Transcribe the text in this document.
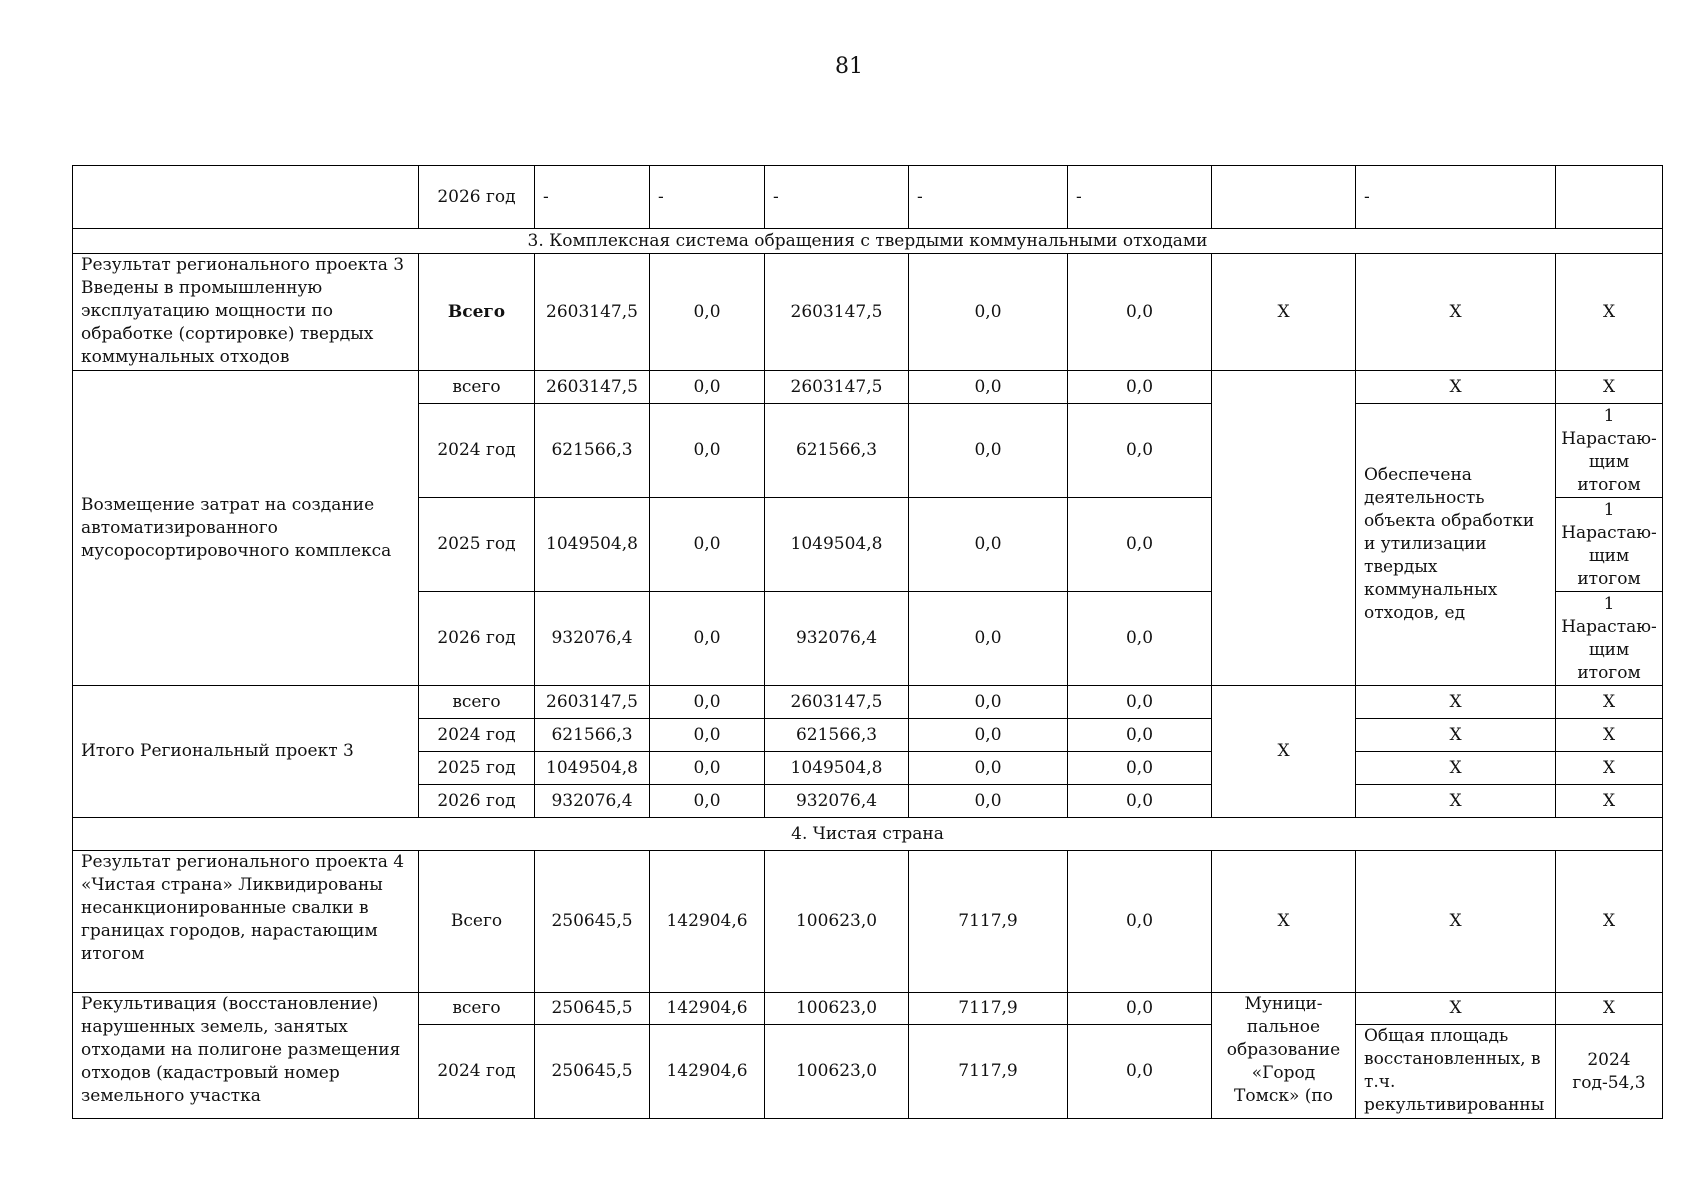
81
	2026 год	-	-	-	-	-		-	
3. Комплексная система обращения с твердыми коммунальными отходами									
Результат регионального проекта 3 Введены в промышленную эксплуатацию мощности по обработке (сортировке) твердых коммунальных отходов	Всего	2603147,5	0,0	2603147,5	0,0	0,0	X	X	X
Возмещение затрат на создание автоматизированного мусоросортировочного комплекса	всего	2603147,5	0,0	2603147,5	0,0	0,0		X	X
	2024 год	621566,3	0,0	621566,3	0,0	0,0		Обеспечена деятельность объекта обработки и утилизации твердых коммунальных отходов, ед	1 Нарастаю-щим итогом
	2025 год	1049504,8	0,0	1049504,8	0,0	0,0			1 Нарастаю-щим итогом
	2026 год	932076,4	0,0	932076,4	0,0	0,0			1 Нарастаю-щим итогом
Итого Региональный проект 3	всего	2603147,5	0,0	2603147,5	0,0	0,0	X	X	X
	2024 год	621566,3	0,0	621566,3	0,0	0,0		X	X
	2025 год	1049504,8	0,0	1049504,8	0,0	0,0		X	X
	2026 год	932076,4	0,0	932076,4	0,0	0,0		X	X
4. Чистая страна									
Результат регионального проекта 4 «Чистая страна» Ликвидированы несанкционированные свалки в границах городов, нарастающим итогом	Всего	250645,5	142904,6	100623,0	7117,9	0,0	X	X	X
Рекультивация (восстановление) нарушенных земель, занятых отходами на полигоне размещения отходов (кадастровый номер земельного участка	всего	250645,5	142904,6	100623,0	7117,9	0,0	Муници-пальное образование «Город Томск» (по	X	X
	2024 год	250645,5	142904,6	100623,0	7117,9	0,0		Общая площадь восстановленных, в т.ч. рекультивированны	2024 год-54,3
